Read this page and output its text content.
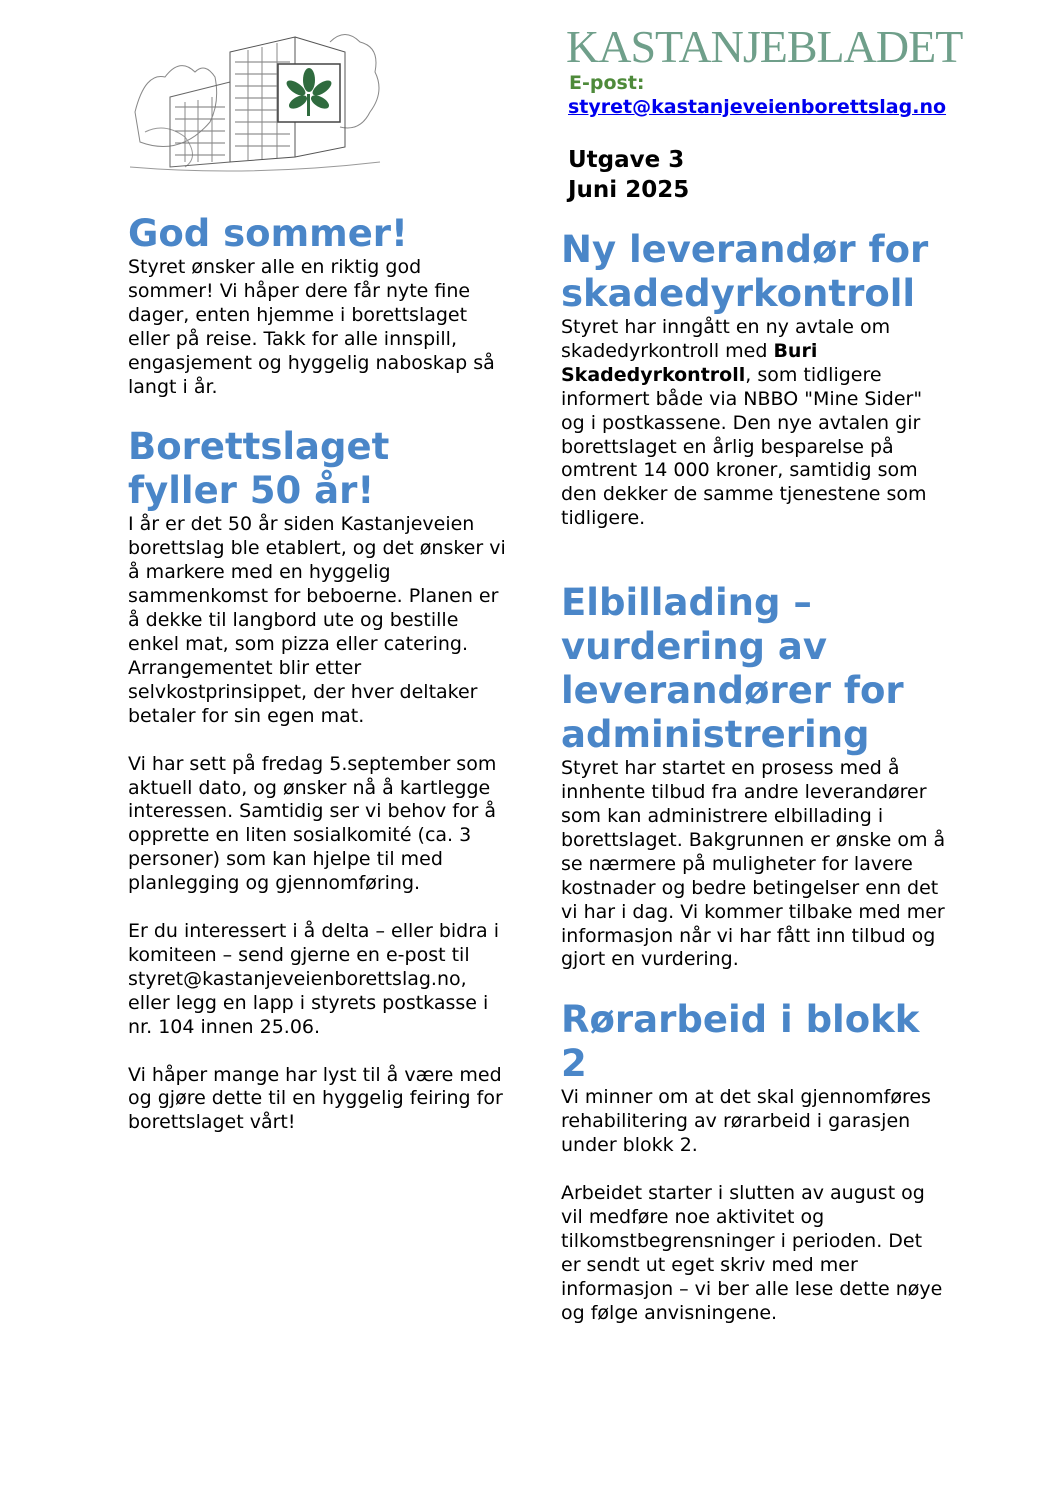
KASTANJEBLADET
E-post:
styret@kastanjeveienborettslag.no
Utgave 3
Juni 2025
God sommer!

Styret ønsker alle en riktig god sommer! Vi håper dere får nyte fine dager, enten hjemme i borettslaget eller på reise. Takk for alle innspill, engasjement og hyggelig naboskap så langt i år.

Borettslaget fyller 50 år!

I år er det 50 år siden Kastanjeveien borettslag ble etablert, og det ønsker vi å markere med en hyggelig sammenkomst for beboerne. Planen er å dekke til langbord ute og bestille enkel mat, som pizza eller catering. Arrangementet blir etter selvkostprinsippet, der hver deltaker betaler for sin egen mat.

Vi har sett på fredag 5.september som aktuell dato, og ønsker nå å kartlegge interessen. Samtidig ser vi behov for å opprette en liten sosialkomité (ca. 3 personer) som kan hjelpe til med planlegging og gjennomføring.

Er du interessert i å delta – eller bidra i komiteen – send gjerne en e-post til styret@kastanjeveienborettslag.no, eller legg en lapp i styrets postkasse i nr. 104 innen 25.06.

Vi håper mange har lyst til å være med og gjøre dette til en hyggelig feiring for borettslaget vårt!

Ny leverandør for skadedyrkontroll

Styret har inngått en ny avtale om skadedyrkontroll med Buri Skadedyrkontroll, som tidligere informert både via NBBO "Mine Sider" og i postkassene. Den nye avtalen gir borettslaget en årlig besparelse på omtrent 14 000 kroner, samtidig som den dekker de samme tjenestene som tidligere.

Elbillading – vurdering av leverandører for administrering

Styret har startet en prosess med å innhente tilbud fra andre leverandører som kan administrere elbillading i borettslaget. Bakgrunnen er ønske om å se nærmere på muligheter for lavere kostnader og bedre betingelser enn det vi har i dag. Vi kommer tilbake med mer informasjon når vi har fått inn tilbud og gjort en vurdering.

Rørarbeid i blokk 2

Vi minner om at det skal gjennomføres rehabilitering av rørarbeid i garasjen under blokk 2.

Arbeidet starter i slutten av august og vil medføre noe aktivitet og tilkomstbegrensninger i perioden. Det er sendt ut eget skriv med mer informasjon – vi ber alle lese dette nøye og følge anvisningene.
